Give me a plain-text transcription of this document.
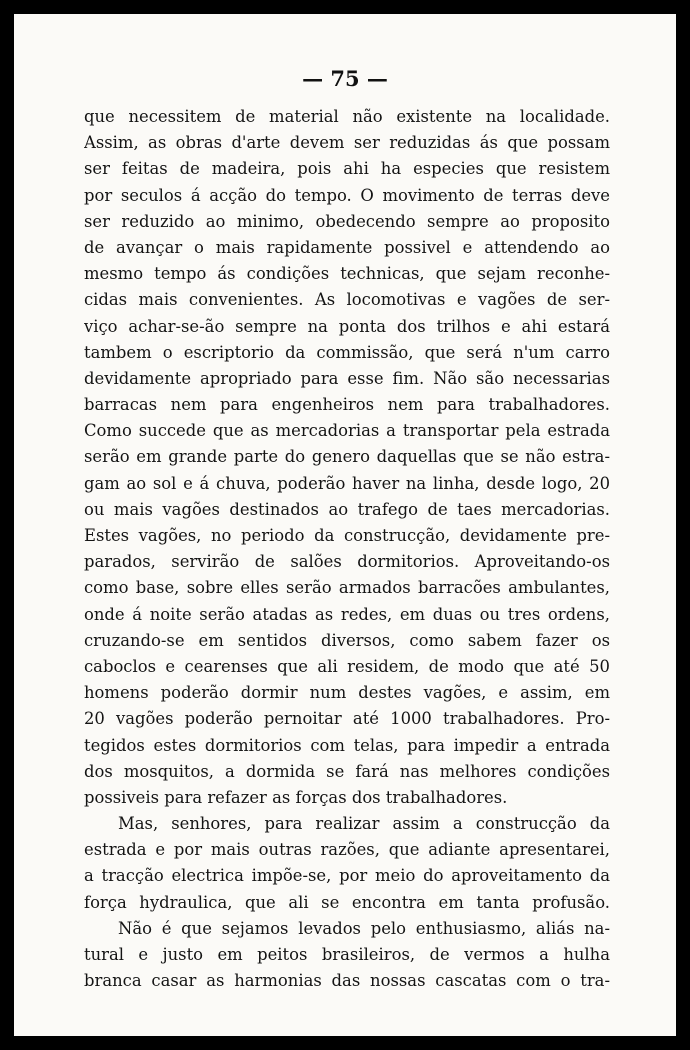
— 75 —
que necessitem de material não existente na localidade.
Assim, as obras d'arte devem ser reduzidas ás que possam
ser feitas de madeira, pois ahi ha especies que resistem
por seculos á acção do tempo. O movimento de terras deve
ser reduzido ao minimo, obedecendo sempre ao proposito
de avançar o mais rapidamente possivel e attendendo ao
mesmo tempo ás condições technicas, que sejam reconhe-
cidas mais convenientes. As locomotivas e vagões de ser-
viço achar-se-ão sempre na ponta dos trilhos e ahi estará
tambem o escriptorio da commissão, que será n'um carro
devidamente apropriado para esse fim. Não são necessarias
barracas nem para engenheiros nem para trabalhadores.
Como succede que as mercadorias a transportar pela estrada
serão em grande parte do genero daquellas que se não estra-
gam ao sol e á chuva, poderão haver na linha, desde logo, 20
ou mais vagões destinados ao trafego de taes mercadorias.
Estes vagões, no periodo da construcção, devidamente pre-
parados, servirão de salões dormitorios. Aproveitando-os
como base, sobre elles serão armados barracões ambulantes,
onde á noite serão atadas as redes, em duas ou tres ordens,
cruzando-se em sentidos diversos, como sabem fazer os
caboclos e cearenses que ali residem, de modo que até 50
homens poderão dormir num destes vagões, e assim, em
20 vagões poderão pernoitar até 1000 trabalhadores. Pro-
tegidos estes dormitorios com telas, para impedir a entrada
dos mosquitos, a dormida se fará nas melhores condições
possiveis para refazer as forças dos trabalhadores.
Mas, senhores, para realizar assim a construcção da
estrada e por mais outras razões, que adiante apresentarei,
a tracção electrica impõe-se, por meio do aproveitamento da
força hydraulica, que ali se encontra em tanta profusão.
Não é que sejamos levados pelo enthusiasmo, aliás na-
tural e justo em peitos brasileiros, de vermos a hulha
branca casar as harmonias das nossas cascatas com o tra-
